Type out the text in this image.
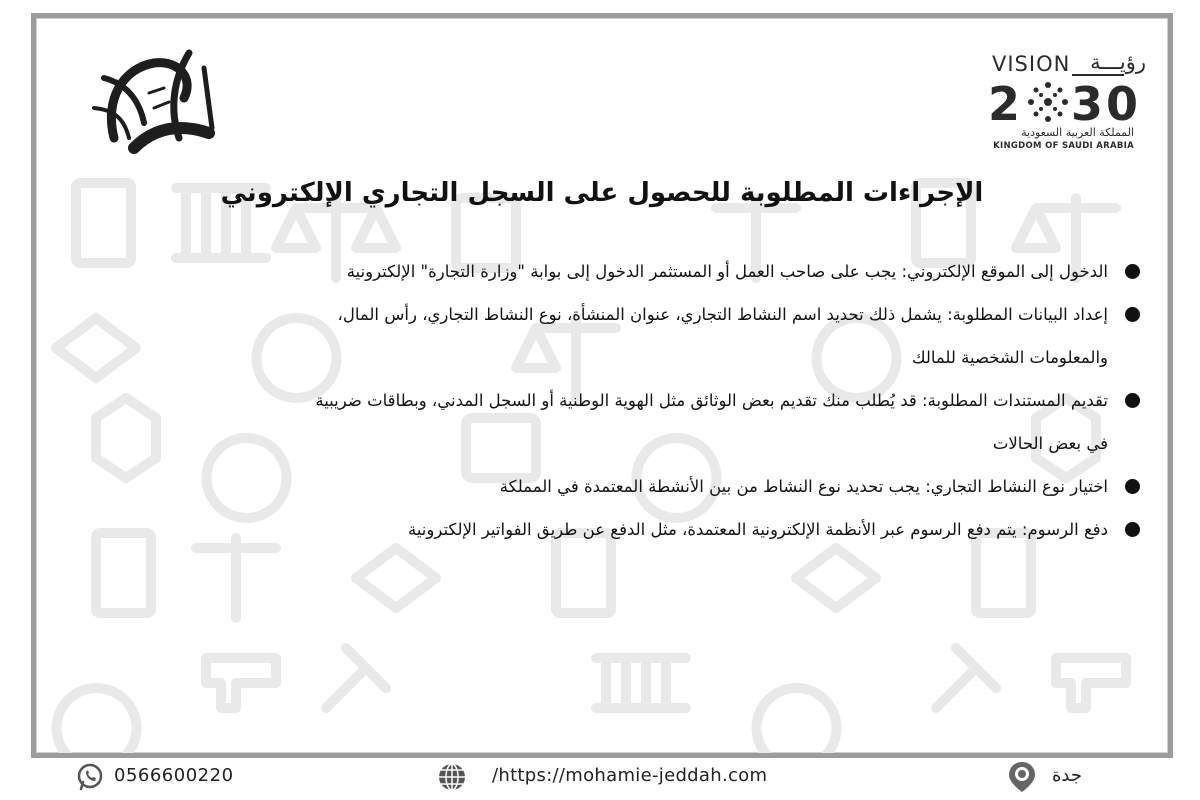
VISION رؤيـــة
2 3 0
المملكة العربية السعودية
KINGDOM OF SAUDI ARABIA
الإجراءات المطلوبة للحصول على السجل التجاري الإلكتروني
الدخول إلى الموقع الإلكتروني: يجب على صاحب العمل أو المستثمر الدخول إلى بوابة "وزارة التجارة" الإلكترونية
إعداد البيانات المطلوبة: يشمل ذلك تحديد اسم النشاط التجاري، عنوان المنشأة، نوع النشاط التجاري، رأس المال،
والمعلومات الشخصية للمالك
تقديم المستندات المطلوبة: قد يُطلب منك تقديم بعض الوثائق مثل الهوية الوطنية أو السجل المدني، وبطاقات ضريبية
في بعض الحالات
اختيار نوع النشاط التجاري: يجب تحديد نوع النشاط من بين الأنشطة المعتمدة في المملكة
دفع الرسوم: يتم دفع الرسوم عبر الأنظمة الإلكترونية المعتمدة، مثل الدفع عن طريق الفواتير الإلكترونية
0566600220	/https://mohamie-jeddah.com	جدة
